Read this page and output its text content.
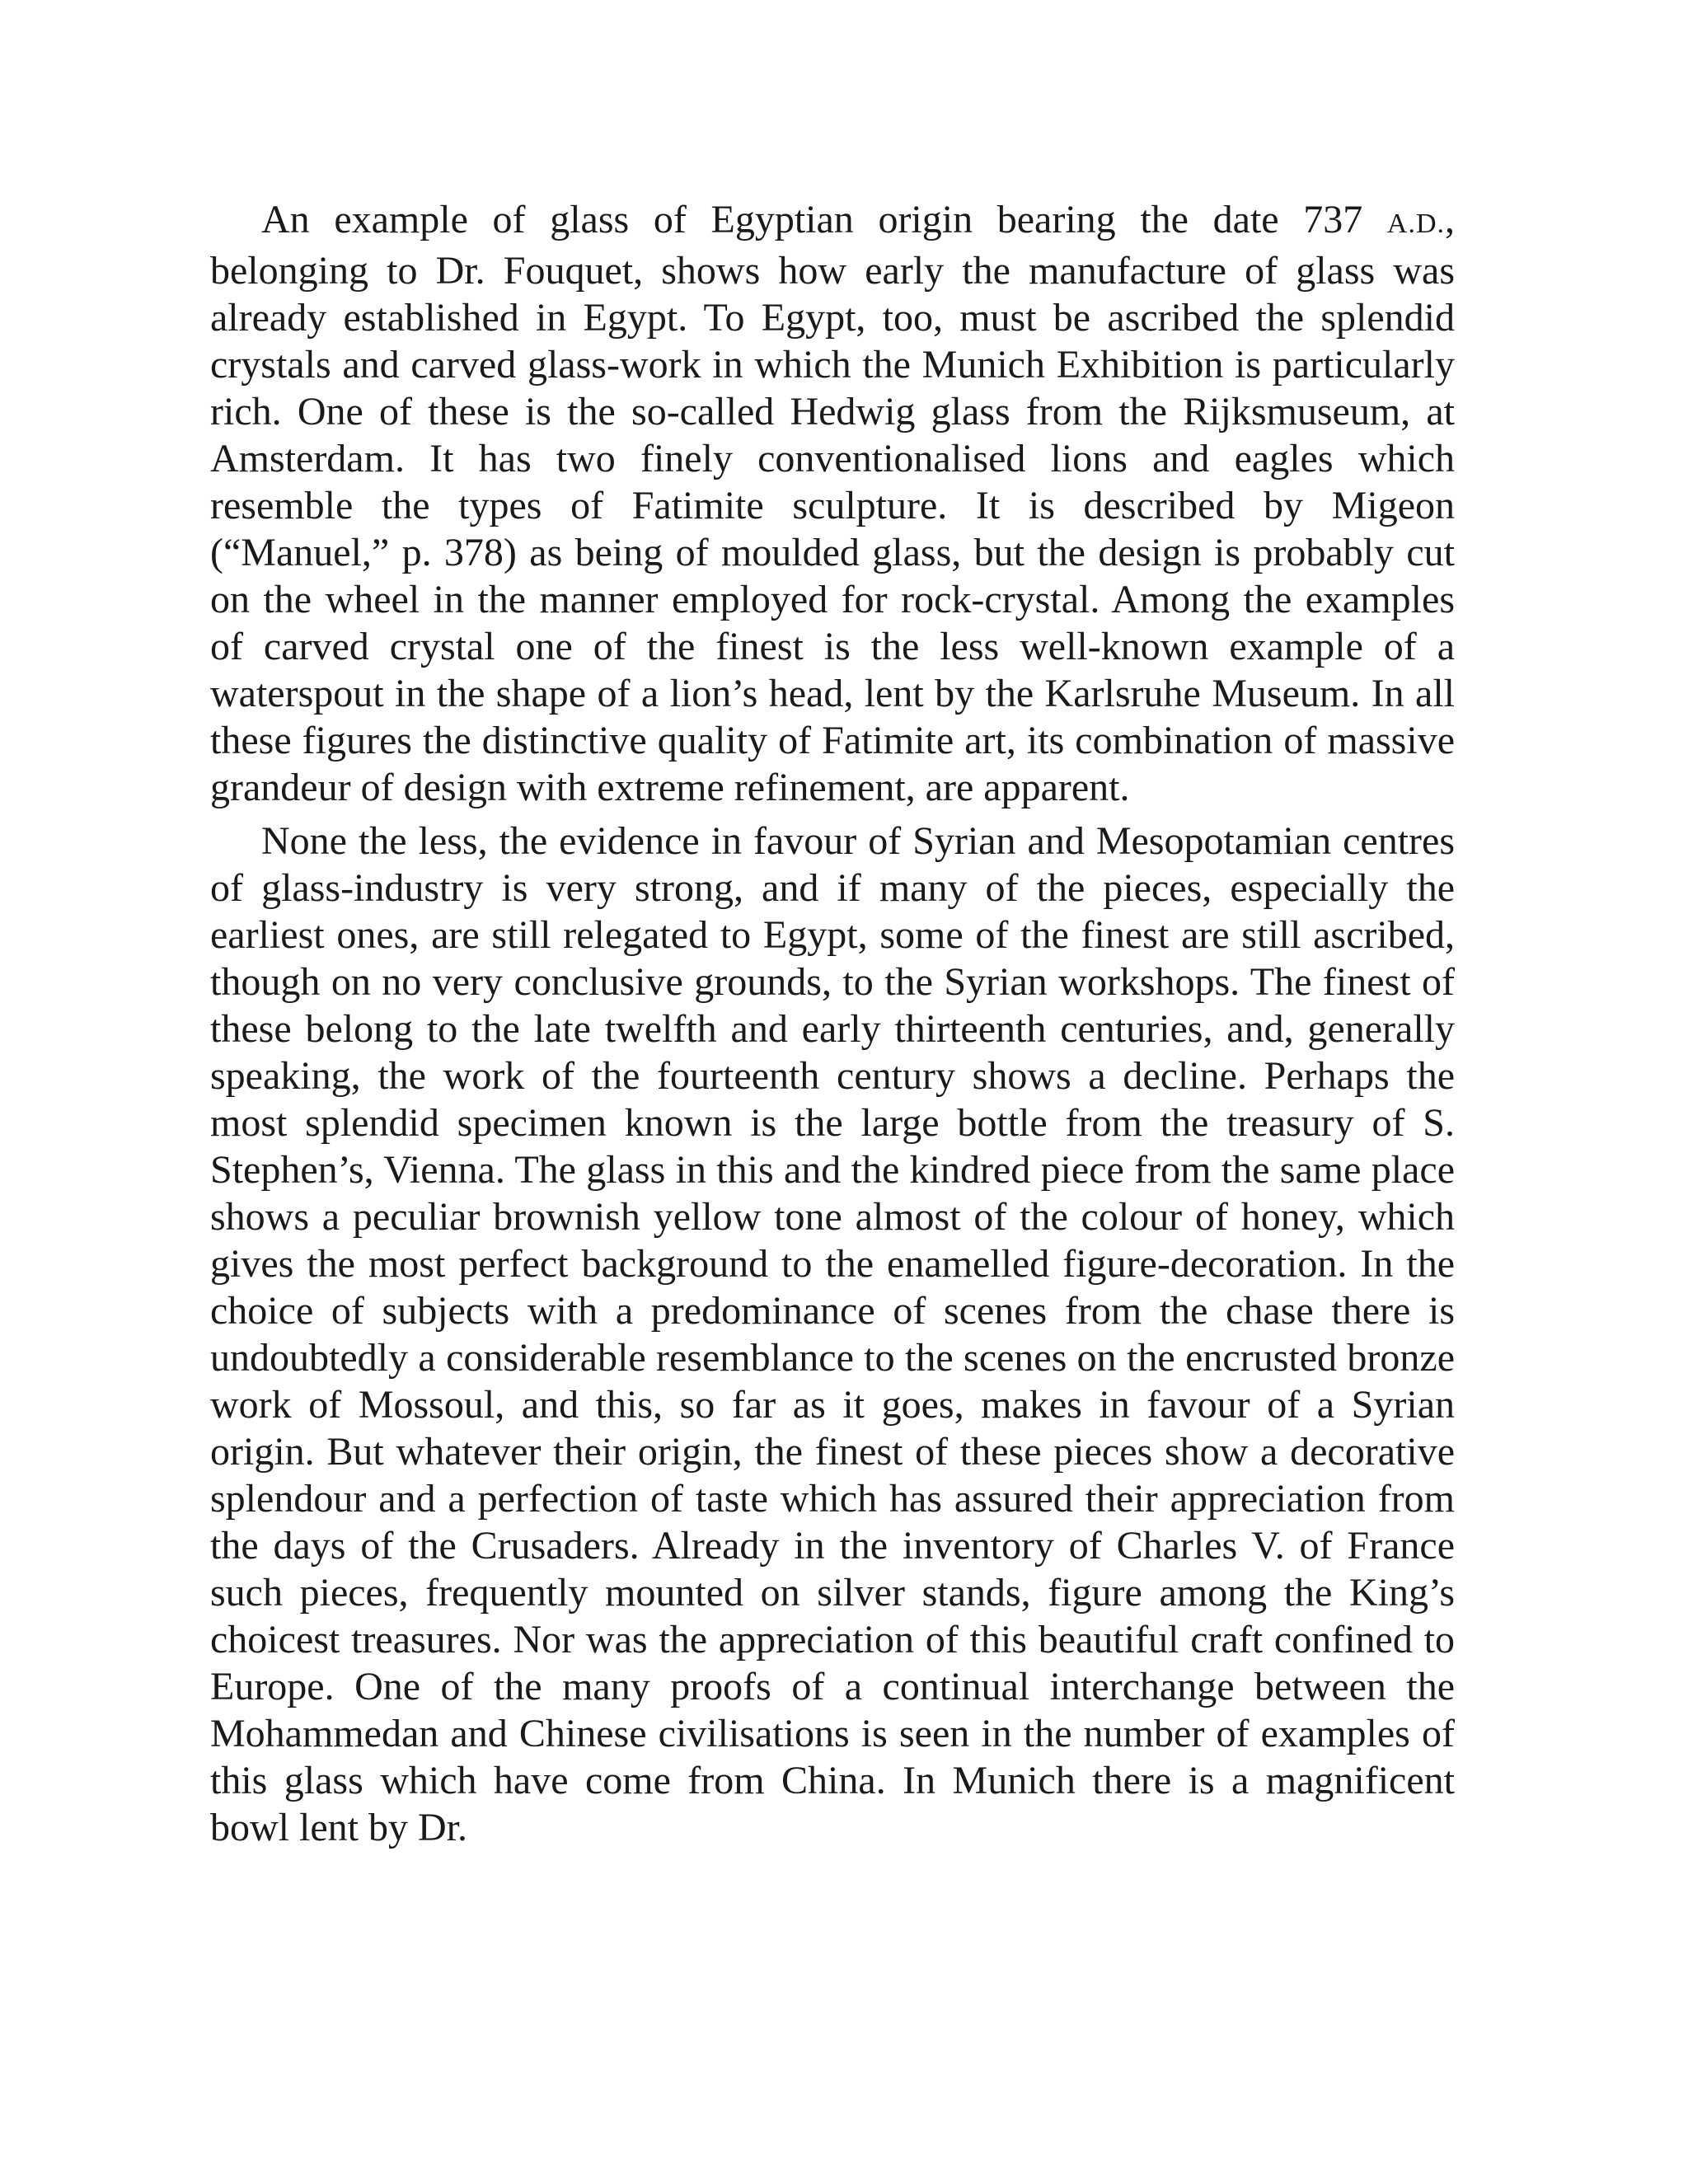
An example of glass of Egyptian origin bearing the date 737 A.D., belonging to Dr. Fouquet, shows how early the manufacture of glass was already established in Egypt. To Egypt, too, must be ascribed the splendid crystals and carved glass-work in which the Munich Exhibition is particularly rich. One of these is the so-called Hedwig glass from the Rijksmuseum, at Amsterdam. It has two finely conventionalised lions and eagles which resemble the types of Fatimite sculpture. It is described by Migeon (“Manuel,” p. 378) as being of moulded glass, but the design is probably cut on the wheel in the manner employed for rock-crystal. Among the examples of carved crystal one of the finest is the less well-known example of a waterspout in the shape of a lion’s head, lent by the Karlsruhe Museum. In all these figures the distinctive quality of Fatimite art, its combination of massive grandeur of design with extreme refinement, are apparent.

None the less, the evidence in favour of Syrian and Mesopotamian centres of glass-industry is very strong, and if many of the pieces, especially the earliest ones, are still relegated to Egypt, some of the finest are still ascribed, though on no very conclusive grounds, to the Syrian workshops. The finest of these belong to the late twelfth and early thirteenth centuries, and, generally speaking, the work of the fourteenth century shows a decline. Perhaps the most splendid specimen known is the large bottle from the treasury of S. Stephen’s, Vienna. The glass in this and the kindred piece from the same place shows a peculiar brownish yellow tone almost of the colour of honey, which gives the most perfect background to the enamelled figure-decoration. In the choice of subjects with a predominance of scenes from the chase there is undoubtedly a considerable resemblance to the scenes on the encrusted bronze work of Mossoul, and this, so far as it goes, makes in favour of a Syrian origin. But whatever their origin, the finest of these pieces show a decorative splendour and a perfection of taste which has assured their appreciation from the days of the Crusaders. Already in the inventory of Charles V. of France such pieces, frequently mounted on silver stands, figure among the King’s choicest treasures. Nor was the appreciation of this beautiful craft confined to Europe. One of the many proofs of a continual interchange between the Mohammedan and Chinese civilisations is seen in the number of examples of this glass which have come from China. In Munich there is a magnificent bowl lent by Dr.
